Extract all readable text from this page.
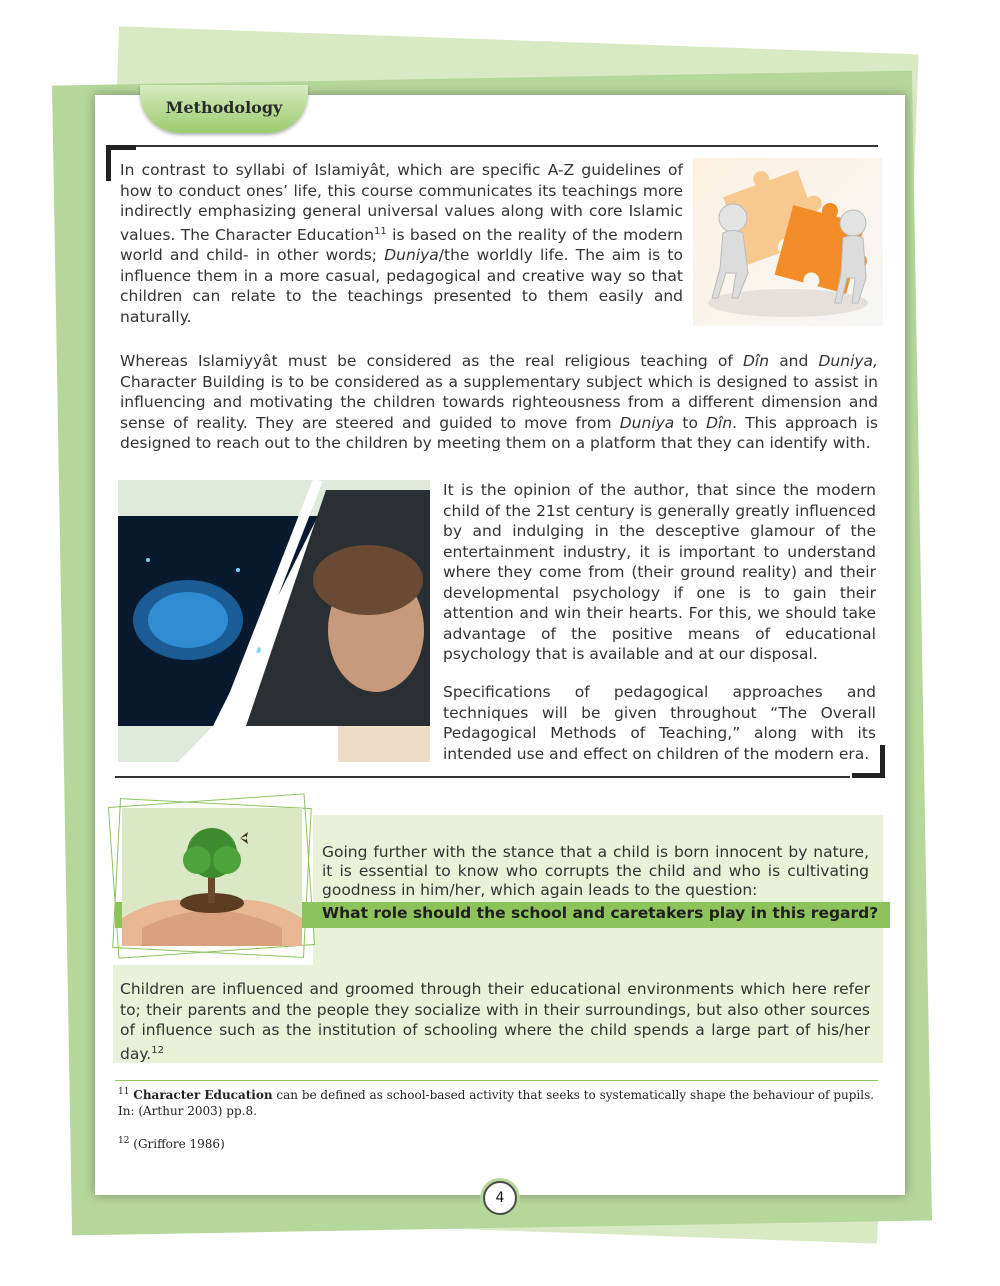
Methodology

In contrast to syllabi of Islamiyât, which are specific A-Z guidelines of how to conduct ones’ life, this course communicates its teachings more indirectly emphasizing general universal values along with core Islamic values. The Character Education$^{11}$ is based on the reality of the modern world and child- in other words; Duniya/the worldly life. The aim is to influence them in a more casual, pedagogical and creative way so that children can relate to the teachings presented to them easily and naturally.

Whereas Islamiyyât must be considered as the real religious teaching of Dîn and Duniya, Character Building is to be considered as a supplementary subject which is designed to assist in influencing and motivating the children towards righteousness from a different dimension and sense of reality. They are steered and guided to move from Duniya to Dîn. This approach is designed to reach out to the children by meeting them on a platform that they can identify with.

It is the opinion of the author, that since the modern child of the 21st century is generally greatly influenced by and indulging in the desceptive glamour of the entertainment industry, it is important to understand where they come from (their ground reality) and their developmental psychology if one is to gain their attention and win their hearts. For this, we should take advantage of the positive means of educational psychology that is available and at our disposal.

Specifications of pedagogical approaches and techniques will be given throughout “The Overall Pedagogical Methods of Teaching,” along with its intended use and effect on children of the modern era.

Going further with the stance that a child is born innocent by nature, it is essential to know who corrupts the child and who is cultivating goodness in him/her, which again leads to the question:

What role should the school and caretakers play in this regard?

Children are influenced and groomed through their educational environments which here refer to; their parents and the people they socialize with in their surroundings, but also other sources of influence such as the institution of schooling where the child spends a large part of his/her day.$^{12}$

$^{11}$ Character Education can be defined as school-based activity that seeks to systematically shape the behaviour of pupils.

In: (Arthur 2003) pp.8.

$^{12}$ (Griffore 1986)

4
